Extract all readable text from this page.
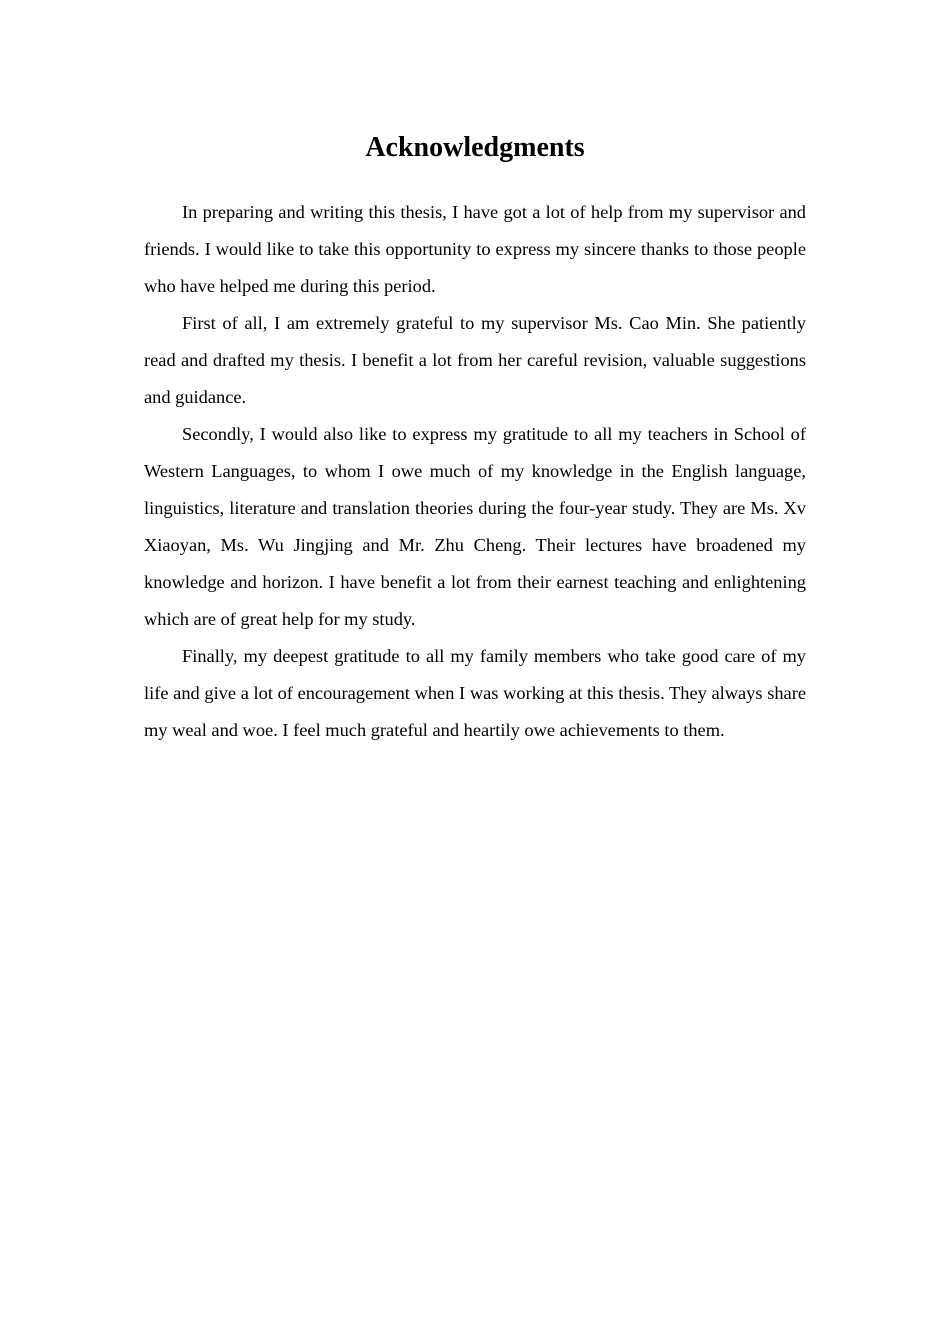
Acknowledgments

In preparing and writing this thesis, I have got a lot of help from my supervisor and friends. I would like to take this opportunity to express my sincere thanks to those people who have helped me during this period.

First of all, I am extremely grateful to my supervisor Ms. Cao Min. She patiently read and drafted my thesis. I benefit a lot from her careful revision, valuable suggestions and guidance.

Secondly, I would also like to express my gratitude to all my teachers in School of Western Languages, to whom I owe much of my knowledge in the English language, linguistics, literature and translation theories during the four-year study. They are Ms. Xv Xiaoyan, Ms. Wu Jingjing and Mr. Zhu Cheng. Their lectures have broadened my knowledge and horizon. I have benefit a lot from their earnest teaching and enlightening which are of great help for my study.

Finally, my deepest gratitude to all my family members who take good care of my life and give a lot of encouragement when I was working at this thesis. They always share my weal and woe. I feel much grateful and heartily owe achievements to them.
